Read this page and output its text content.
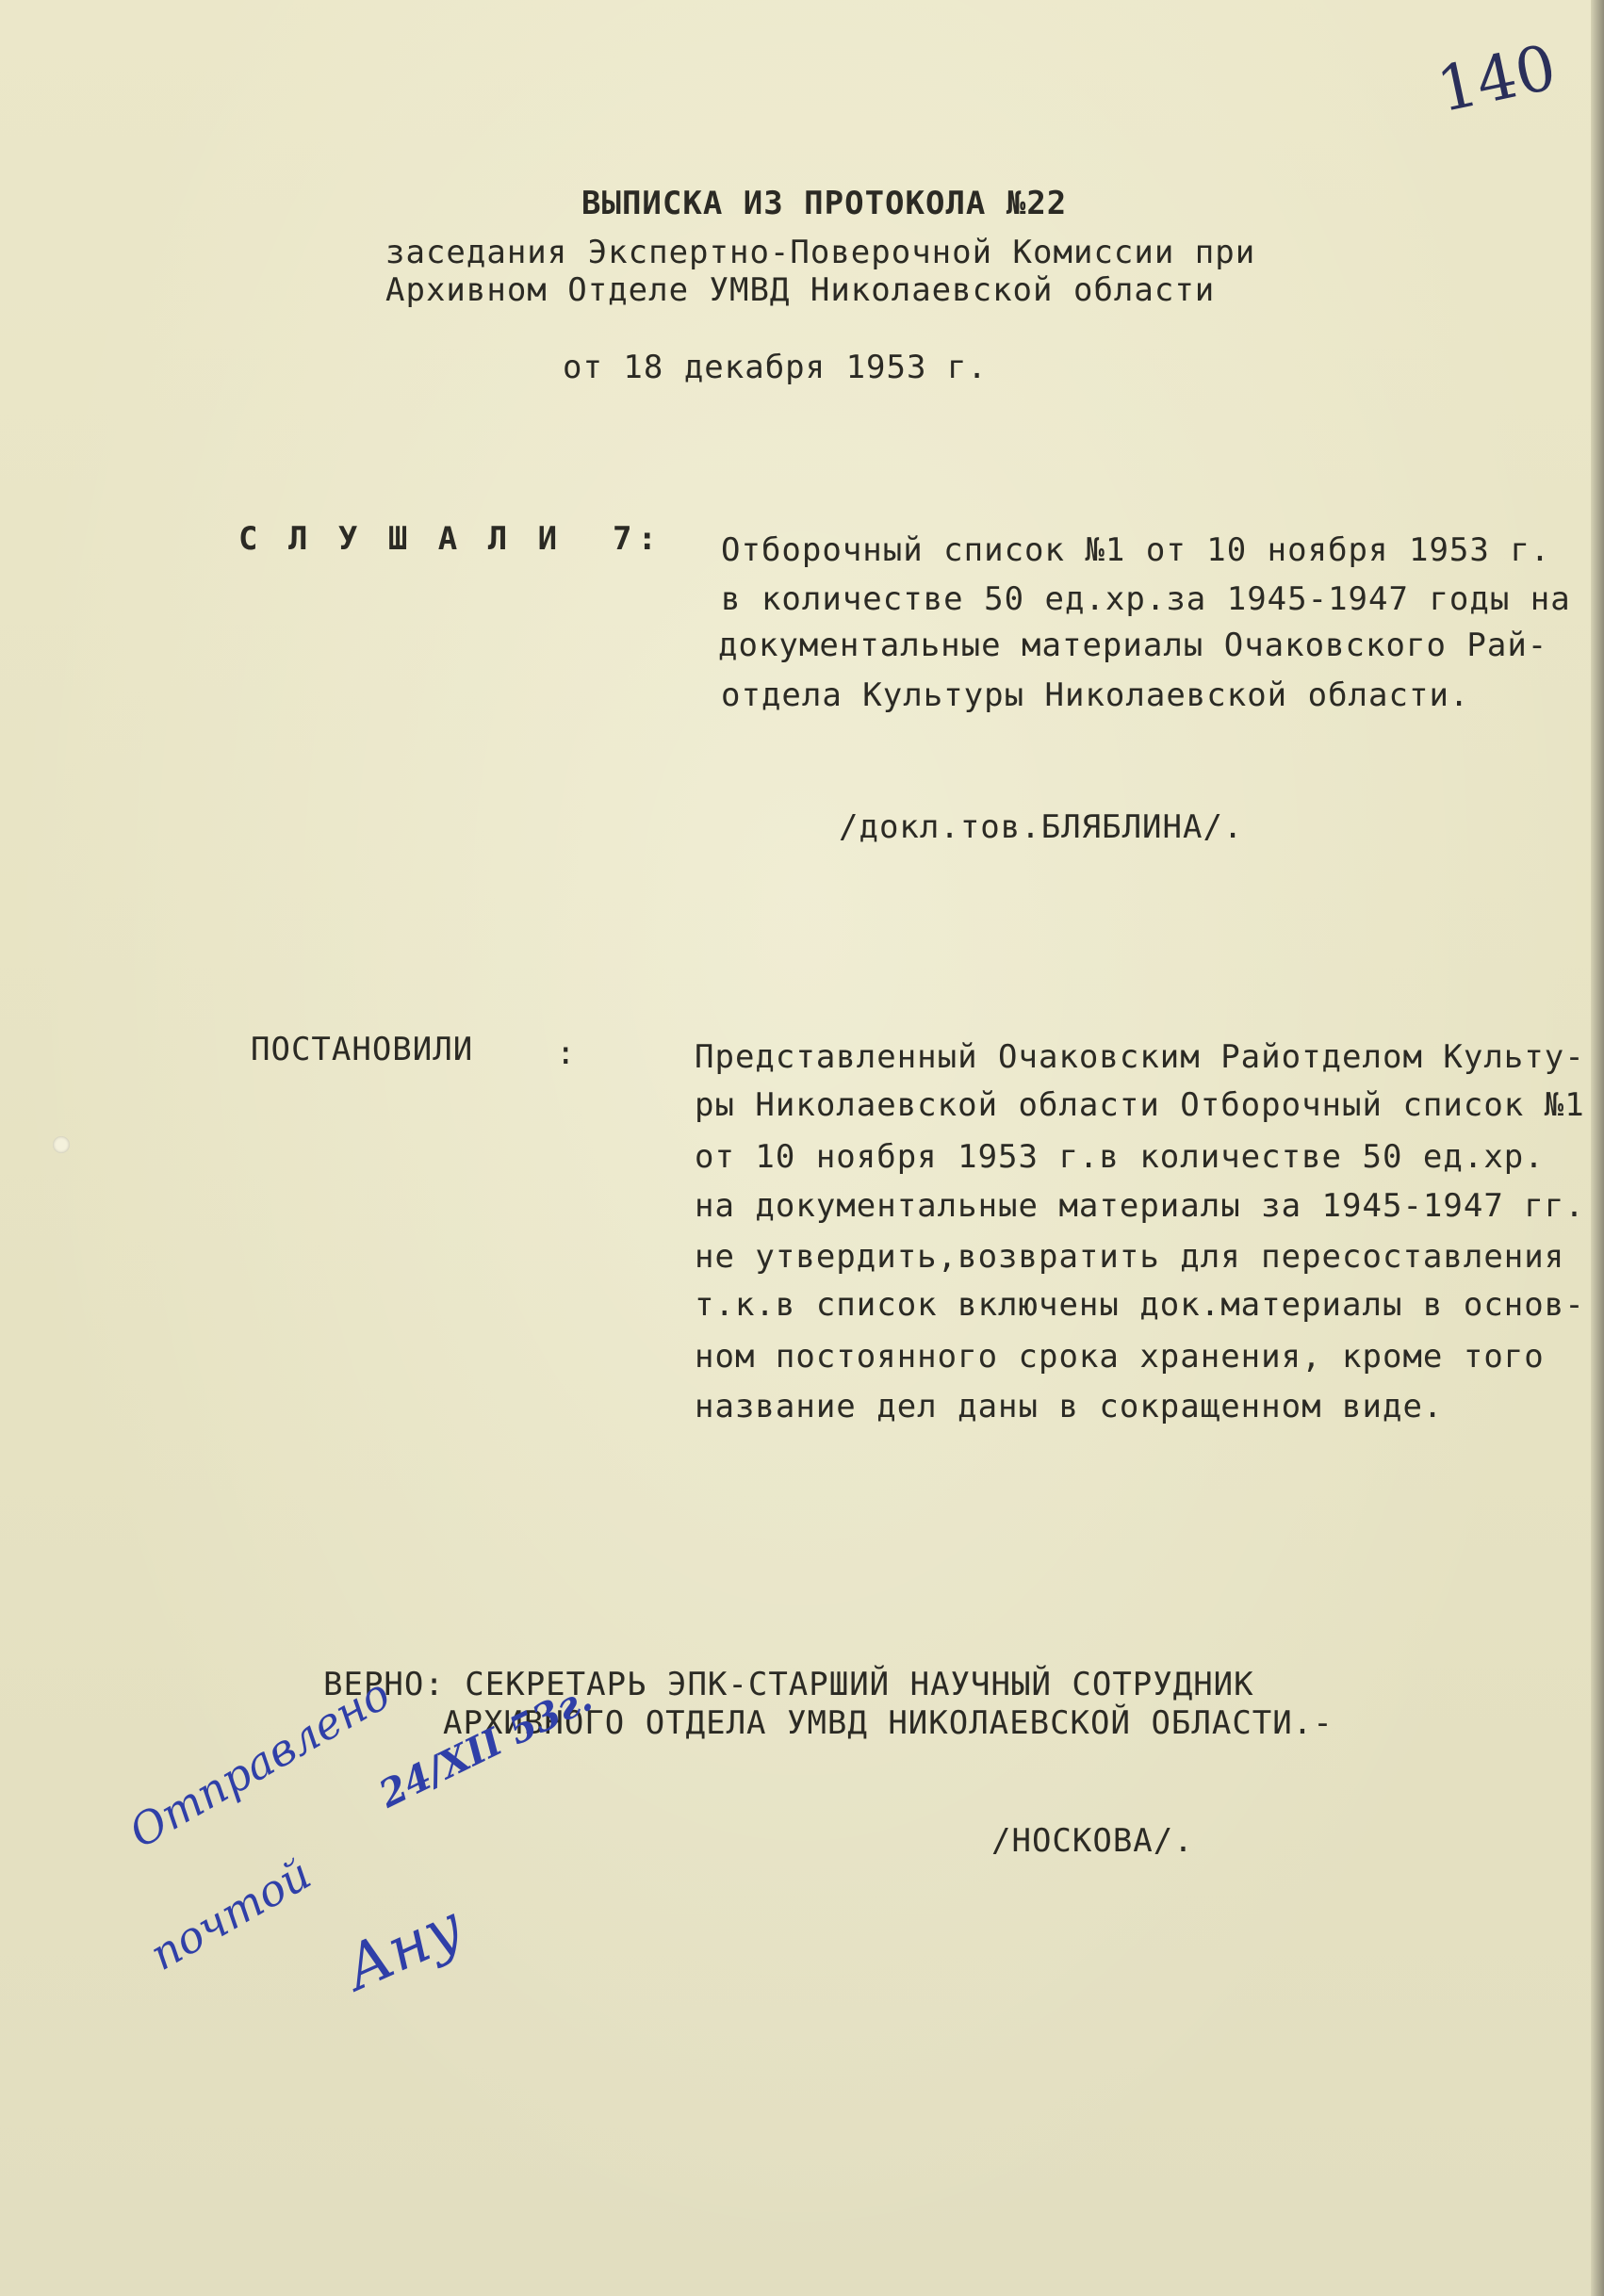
140
ВЫПИСКА ИЗ ПРОТОКОЛА №22
заседания Экспертно-Поверочной Комиссии при
Архивном Отделе УМВД Николаевской области
от 18 декабря 1953 г.
С Л У Ш А Л И  7: Отборочный список №1 от 10 ноября 1953 г.
в количестве 50 ед.хр.за 1945-1947 годы на
документальные материалы Очаковского Рай-
отдела Культуры Николаевской области.
/докл.тов.БЛЯБЛИНА/.
ПОСТАНОВИЛИ	:	Представленный Очаковским Райотделом Культу-
ры Николаевской области Отборочный список №1
от 10 ноября 1953 г.в количестве 50 ед.хр.
на документальные материалы за 1945-1947 гг.
не утвердить,возвратить для пересоставления
т.к.в список включены док.материалы в основ-
ном постоянного срока хранения, кроме того
название дел даны в сокращенном виде.
ВЕРНО: СЕКРЕТАРЬ ЭПК-СТАРШИЙ НАУЧНЫЙ СОТРУДНИК
АРХИВНОГО ОТДЕЛА УМВД НИКОЛАЕВСКОЙ ОБЛАСТИ.-
/НОСКОВА/.
Отправлено
почтой
24/XII 53г.
Ану
